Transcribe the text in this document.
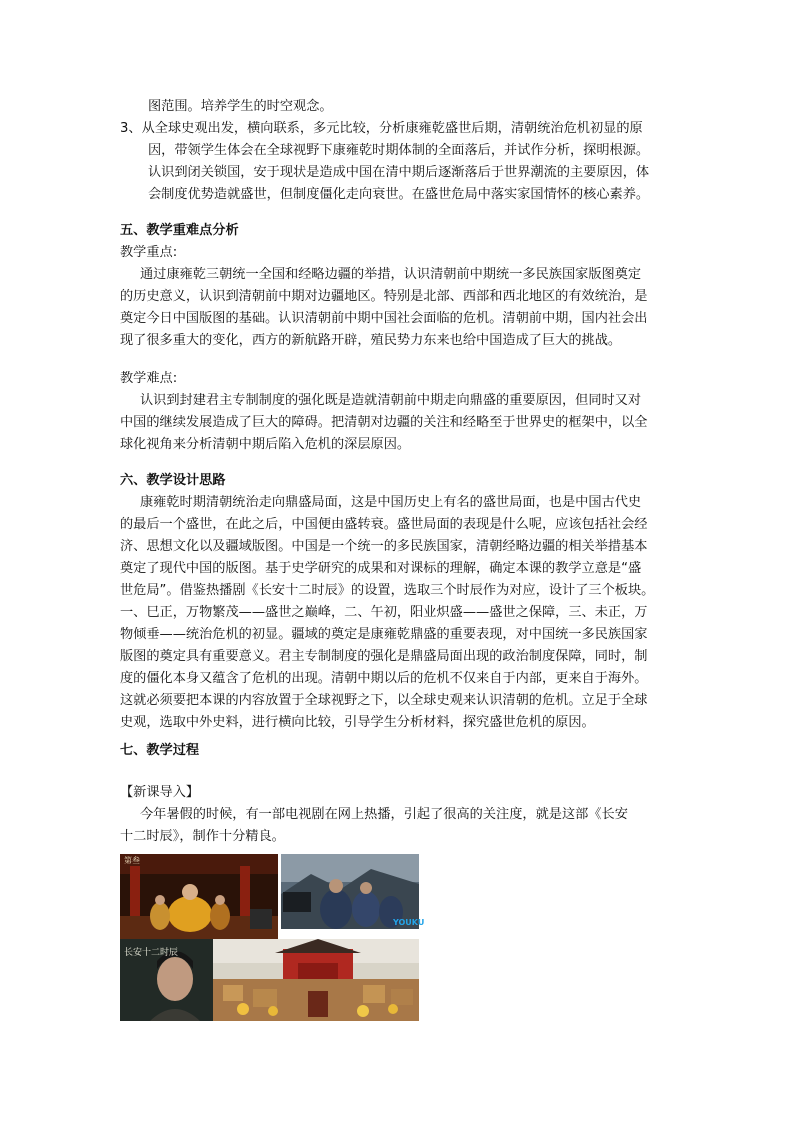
图范围。培养学生的时空观念。
3、从全球史观出发，横向联系，多元比较，分析康雍乾盛世后期，清朝统治危机初显的原
因，带领学生体会在全球视野下康雍乾时期体制的全面落后，并试作分析，探明根源。
认识到闭关锁国，安于现状是造成中国在清中期后逐渐落后于世界潮流的主要原因，体
会制度优势造就盛世，但制度僵化走向衰世。在盛世危局中落实家国情怀的核心素养。
五、教学重难点分析
教学重点:
通过康雍乾三朝统一全国和经略边疆的举措，认识清朝前中期统一多民族国家版图奠定
的历史意义，认识到清朝前中期对边疆地区。特别是北部、西部和西北地区的有效统治，是
奠定今日中国版图的基础。认识清朝前中期中国社会面临的危机。清朝前中期，国内社会出
现了很多重大的变化，西方的新航路开辟，殖民势力东来也给中国造成了巨大的挑战。
教学难点:
认识到封建君主专制制度的强化既是造就清朝前中期走向鼎盛的重要原因，但同时又对
中国的继续发展造成了巨大的障碍。把清朝对边疆的关注和经略至于世界史的框架中，以全
球化视角来分析清朝中期后陷入危机的深层原因。
六、教学设计思路
康雍乾时期清朝统治走向鼎盛局面，这是中国历史上有名的盛世局面，也是中国古代史
的最后一个盛世，在此之后，中国便由盛转衰。盛世局面的表现是什么呢，应该包括社会经
济、思想文化以及疆域版图。中国是一个统一的多民族国家，清朝经略边疆的相关举措基本
奠定了现代中国的版图。基于史学研究的成果和对课标的理解，确定本课的教学立意是“盛
世危局”。借鉴热播剧《长安十二时辰》的设置，选取三个时辰作为对应，设计了三个板块。
一、巳正，万物繁茂——盛世之巅峰，二、午初，阳业炽盛——盛世之保障，三、未正，万
物倾垂——统治危机的初显。疆域的奠定是康雍乾鼎盛的重要表现，对中国统一多民族国家
版图的奠定具有重要意义。君主专制制度的强化是鼎盛局面出现的政治制度保障，同时，制
度的僵化本身又蕴含了危机的出现。清朝中期以后的危机不仅来自于内部，更来自于海外。
这就必须要把本课的内容放置于全球视野之下，以全球史观来认识清朝的危机。立足于全球
史观，选取中外史料，进行横向比较，引导学生分析材料，探究盛世危机的原因。
七、教学过程
【新课导入】
今年暑假的时候，有一部电视剧在网上热播，引起了很高的关注度，就是这部《长安
十二时辰》，制作十分精良。
第叁
YOUKU
长安十二时辰
